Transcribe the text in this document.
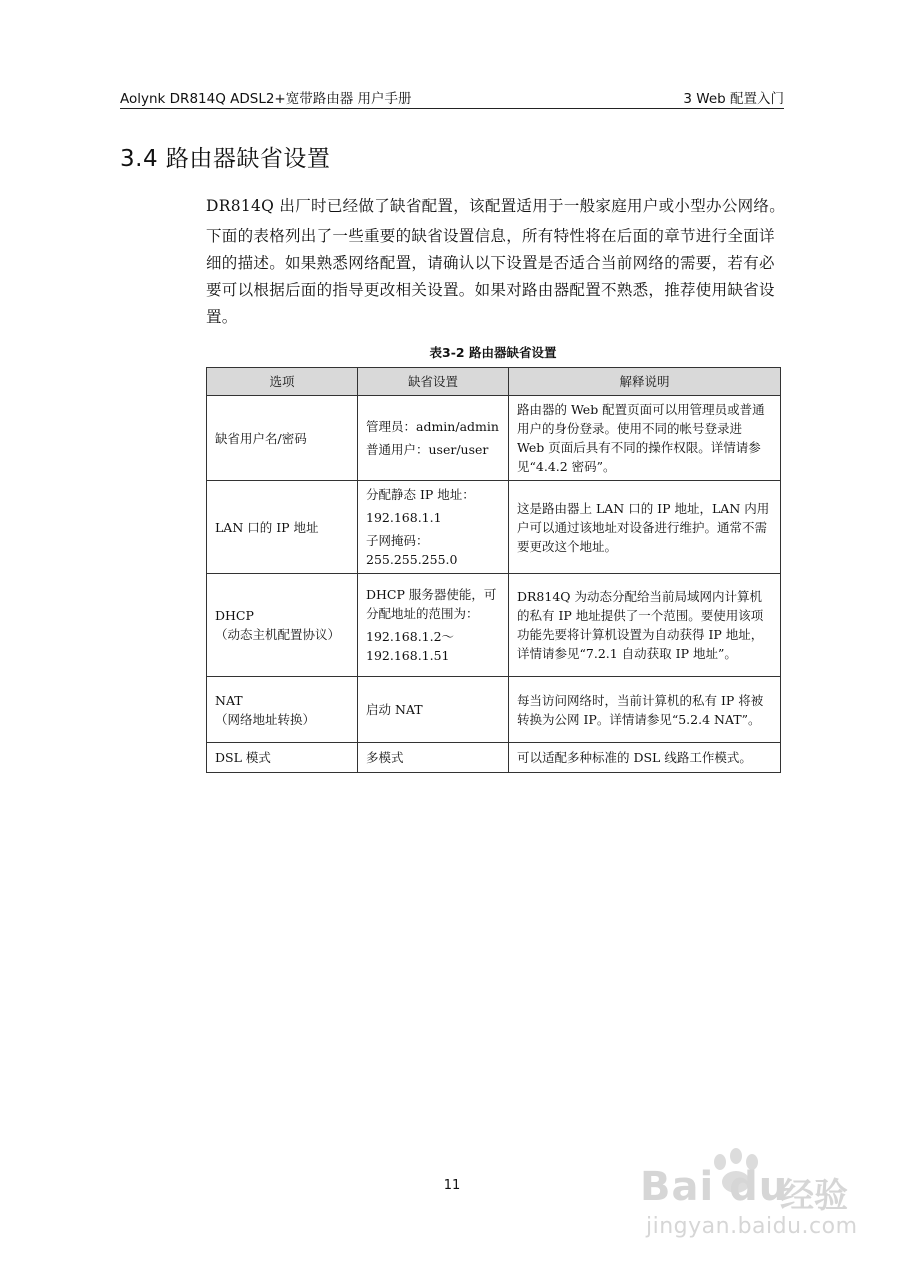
Aolynk DR814Q ADSL2+宽带路由器 用户手册	3 Web 配置入门
3.4 路由器缺省设置

DR814Q 出厂时已经做了缺省配置，该配置适用于一般家庭用户或小型办公网络。

下面的表格列出了一些重要的缺省设置信息，所有特性将在后面的章节进行全面详细的描述。如果熟悉网络配置，请确认以下设置是否适合当前网络的需要，若有必要可以根据后面的指导更改相关设置。如果对路由器配置不熟悉，推荐使用缺省设置。

表3-2 路由器缺省设置

选项	缺省设置	解释说明

缺省用户名/密码	管理员：admin/admin
普通用户：user/user	路由器的 Web 配置页面可以用管理员或普通用户的身份登录。使用不同的帐号登录进 Web 页面后具有不同的操作权限。详情请参见“4.4.2 密码”。

LAN 口的 IP 地址	分配静态 IP 地址：
192.168.1.1
子网掩码：
255.255.255.0	这是路由器上 LAN 口的 IP 地址，LAN 内用户可以通过该地址对设备进行维护。通常不需要更改这个地址。

DHCP
（动态主机配置协议）	DHCP 服务器使能，可分配地址的范围为：
192.168.1.2～192.168.1.51	DR814Q 为动态分配给当前局域网内计算机的私有 IP 地址提供了一个范围。要使用该项功能先要将计算机设置为自动获得 IP 地址，详情请参见“7.2.1 自动获取 IP 地址”。

NAT
（网络地址转换）	启动 NAT	每当访问网络时，当前计算机的私有 IP 将被转换为公网 IP。详情请参见“5.2.4 NAT”。

DSL 模式	多模式	可以适配多种标准的 DSL 线路工作模式。
11	Bai du
经验
jingyan.baidu.com
